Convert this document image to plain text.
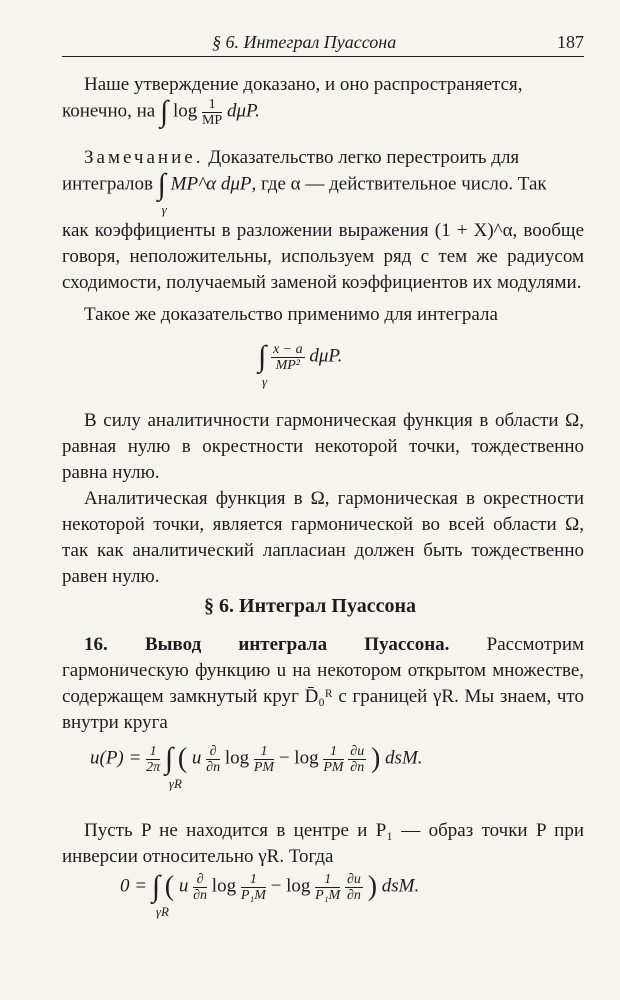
§ 6. Интеграл Пуассона	187
Наше утверждение доказано, и оно распространяется,
конечно, на ∫ $\log \frac{1}{MP} d\mu P$.
Замечание. Доказательство легко перестроить для
интегралов ∫
γ
MP^α dμP, где α — действительное число. Так
как коэффициенты в разложении выражения (1 + X)^α, вообще говоря, неположительны, используем ряд с тем же радиусом сходимости, получаемый заменой коэффициентов их модулями.
Такое же доказательство применимо для интеграла
∫
γ

$\frac{x - a}{\text{MP²}} d\mu P$.
В силу аналитичности гармоническая функция в области Ω, равная нулю в окрестности некоторой точки, тождественно равна нулю.
Аналитическая функция в Ω, гармоническая в окрестности некоторой точки, является гармонической во всей области Ω, так как аналитический лапласиан должен быть тождественно равен нулю.
§ 6. Интеграл Пуассона
16. Вывод интеграла Пуассона. Рассмотрим гармоническую функцию u на некотором открытом множестве, содержащем замкнутый круг D̄₀ᴿ с границей γR. Мы знаем, что внутри круга
$u(P) = \frac{1}{2\pi}$ ∫
γR
( u $\frac{\partial}{\partial n}$ $\log \frac{1}{PM} - \log \frac{1}{PM}$
$\frac{\partial u}{\partial n}$ ) dsM.
Пусть P не находится в центре и P₁ — образ точки P при инверсии относительно γR. Тогда
0 = ∫
γR
( u $\frac{\partial}{\partial n}$ $\log \frac{1}{\text{P₁M}} - \log \frac{1}{\text{P₁M}}$
$\frac{\partial u}{\partial n}$ ) dsM.
